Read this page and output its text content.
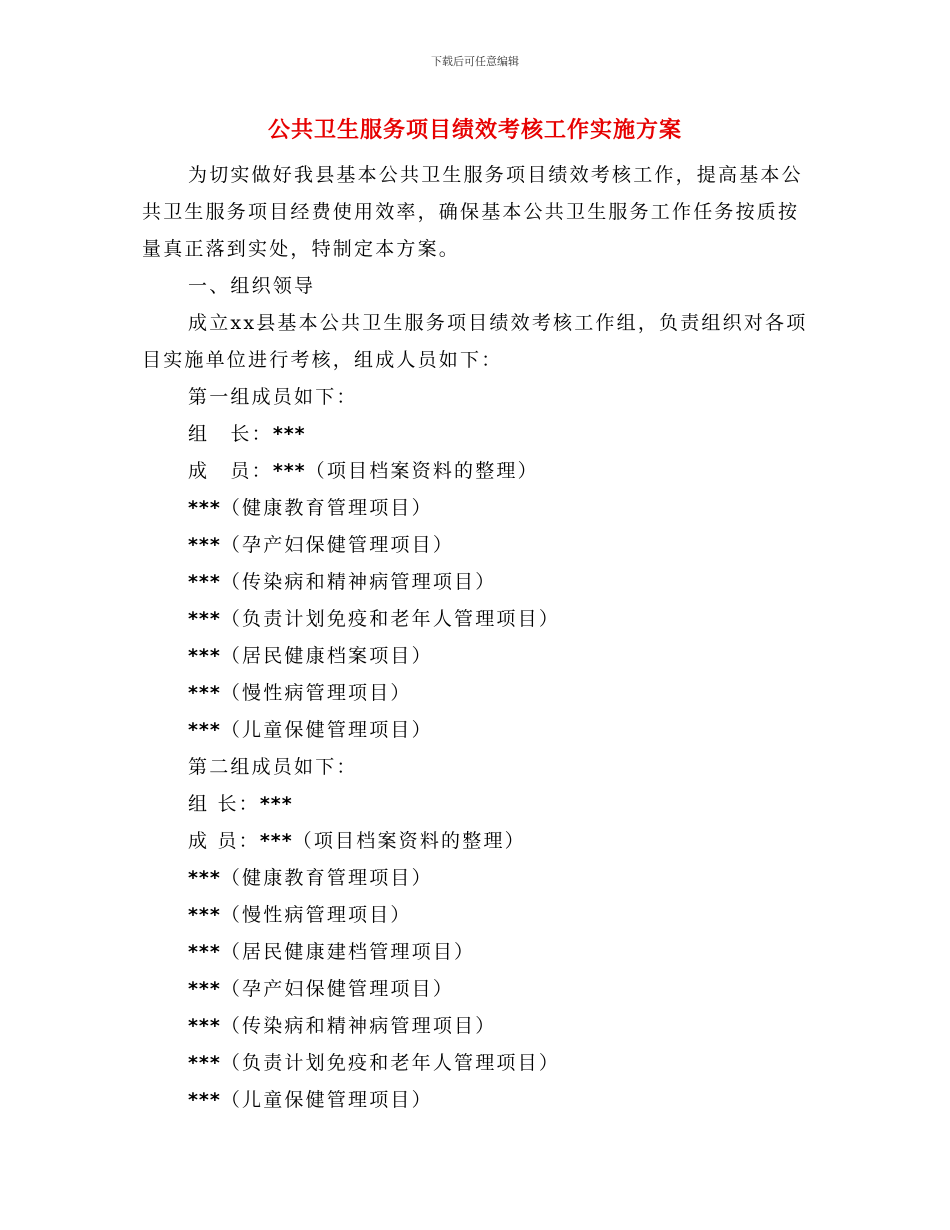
下载后可任意编辑
公共卫生服务项目绩效考核工作实施方案

为切实做好我县基本公共卫生服务项目绩效考核工作，提高基本公共卫生服务项目经费使用效率，确保基本公共卫生服务工作任务按质按量真正落到实处，特制定本方案。

一、组织领导

成立xx县基本公共卫生服务项目绩效考核工作组，负责组织对各项目实施单位进行考核，组成人员如下：

第一组成员如下：
组　长：***
成　员：***（项目档案资料的整理）
***（健康教育管理项目）
***（孕产妇保健管理项目）
***（传染病和精神病管理项目）
***（负责计划免疫和老年人管理项目）
***（居民健康档案项目）
***（慢性病管理项目）
***（儿童保健管理项目）
第二组成员如下：
组 长：***
成 员：***（项目档案资料的整理）
***（健康教育管理项目）
***（慢性病管理项目）
***（居民健康建档管理项目）
***（孕产妇保健管理项目）
***（传染病和精神病管理项目）
***（负责计划免疫和老年人管理项目）
***（儿童保健管理项目）
